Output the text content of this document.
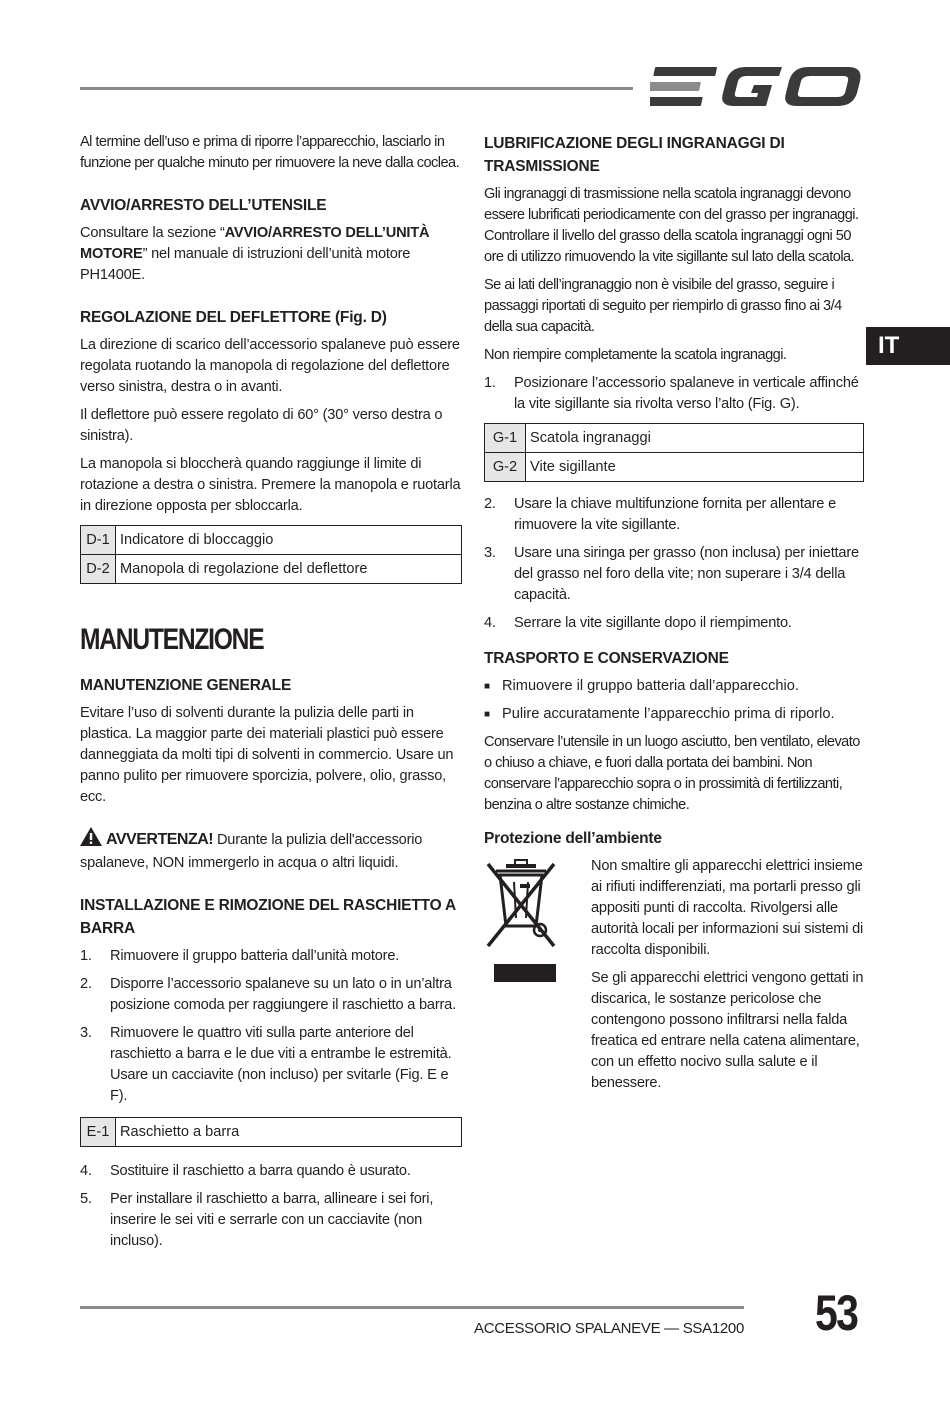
IT

Al termine dell’uso e prima di riporre l’apparecchio, lasciarlo in funzione per qualche minuto per rimuovere la neve dalla coclea.

AVVIO/ARRESTO DELL’UTENSILE

Consultare la sezione “AVVIO/ARRESTO DELL’UNITÀ MOTORE” nel manuale di istruzioni dell’unità motore PH1400E.

REGOLAZIONE DEL DEFLETTORE (Fig. D)

La direzione di scarico dell’accessorio spalaneve può essere regolata ruotando la manopola di regolazione del deflettore verso sinistra, destra o in avanti.

Il deflettore può essere regolato di 60° (30° verso destra o sinistra).

La manopola si bloccherà quando raggiunge il limite di rotazione a destra o sinistra. Premere la manopola e ruotarla in direzione opposta per sbloccarla.

D-1	Indicatore di bloccaggio
D-2	Manopola di regolazione del deflettore
MANUTENZIONE
MANUTENZIONE GENERALE

Evitare l’uso di solventi durante la pulizia delle parti in plastica. La maggior parte dei materiali plastici può essere danneggiata da molti tipi di solventi in commercio. Usare un panno pulito per rimuovere sporcizia, polvere, olio, grasso, ecc.

AVVERTENZA! Durante la pulizia dell'accessorio spalaneve, NON immergerlo in acqua o altri liquidi.

INSTALLAZIONE E RIMOZIONE DEL RASCHIETTO A BARRA
1.	Rimuovere il gruppo batteria dall’unità motore.
2.	Disporre l’accessorio spalaneve su un lato o in un’altra posizione comoda per raggiungere il raschietto a barra.
3.	Rimuovere le quattro viti sulla parte anteriore del raschietto a barra e le due viti a entrambe le estremità. Usare un cacciavite (non incluso) per svitarle (Fig. E e F).
E-1	Raschietto a barra
4.	Sostituire il raschietto a barra quando è usurato.
5.	Per installare il raschietto a barra, allineare i sei fori, inserire le sei viti e serrarle con un cacciavite (non incluso).
LUBRIFICAZIONE DEGLI INGRANAGGI DI TRASMISSIONE

Gli ingranaggi di trasmissione nella scatola ingranaggi devono essere lubrificati periodicamente con del grasso per ingranaggi. Controllare il livello del grasso della scatola ingranaggi ogni 50 ore di utilizzo rimuovendo la vite sigillante sul lato della scatola.

Se ai lati dell’ingranaggio non è visibile del grasso, seguire i passaggi riportati di seguito per riempirlo di grasso fino ai 3/4 della sua capacità.

Non riempire completamente la scatola ingranaggi.

1.	Posizionare l’accessorio spalaneve in verticale affinché la vite sigillante sia rivolta verso l’alto (Fig. G).
G-1	Scatola ingranaggi
G-2	Vite sigillante
2.	Usare la chiave multifunzione fornita per allentare e rimuovere la vite sigillante.
3.	Usare una siringa per grasso (non inclusa) per iniettare del grasso nel foro della vite; non superare i 3/4 della capacità.
4.	Serrare la vite sigillante dopo il riempimento.
TRASPORTO E CONSERVAZIONE
■ Rimuovere il gruppo batteria dall’apparecchio.
■ Pulire accuratamente l’apparecchio prima di riporlo.

Conservare l’utensile in un luogo asciutto, ben ventilato, elevato o chiuso a chiave, e fuori dalla portata dei bambini. Non conservare l’apparecchio sopra o in prossimità di fertilizzanti, benzina o altre sostanze chimiche.

Protezione dell’ambiente

Non smaltire gli apparecchi elettrici insieme ai rifiuti indifferenziati, ma portarli presso gli appositi punti di raccolta. Rivolgersi alle autorità locali per informazioni sui sistemi di raccolta disponibili.

Se gli apparecchi elettrici vengono gettati in discarica, le sostanze pericolose che contengono possono infiltrarsi nella falda freatica ed entrare nella catena alimentare, con un effetto nocivo sulla salute e il benessere.

ACCESSORIO SPALANEVE — SSA1200 53
